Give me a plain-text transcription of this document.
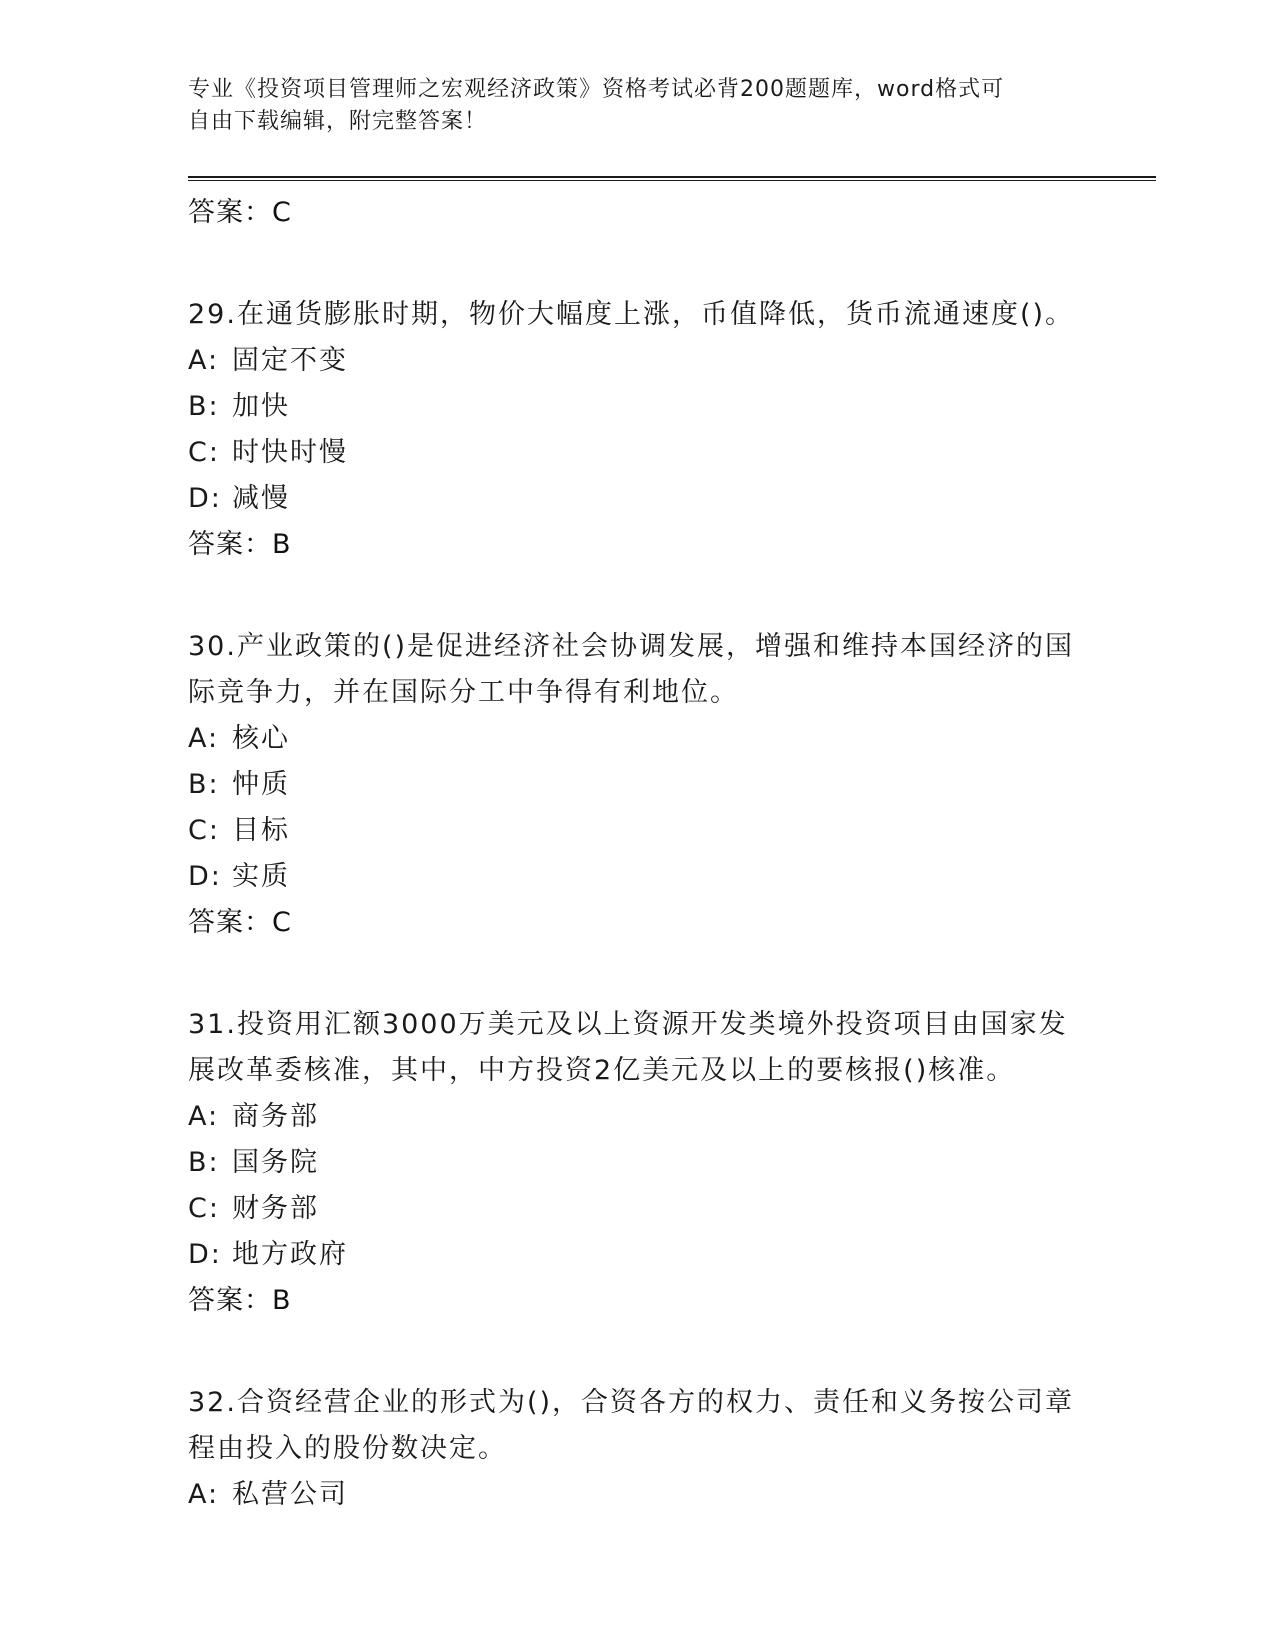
专业《投资项目管理师之宏观经济政策》资格考试必背200题题库，word格式可
自由下载编辑，附完整答案！
答案：C
29.在通货膨胀时期，物价大幅度上涨，币值降低，货币流通速度()。
A: 固定不变
B: 加快
C: 时快时慢
D: 减慢
答案：B
30.产业政策的()是促进经济社会协调发展，增强和维持本国经济的国际竞争力，并在国际分工中争得有利地位。
A: 核心
B: 忡质
C: 目标
D: 实质
答案：C
31.投资用汇额3000万美元及以上资源开发类境外投资项目由国家发展改革委核准，其中，中方投资2亿美元及以上的要核报()核准。
A: 商务部
B: 国务院
C: 财务部
D: 地方政府
答案：B
32.合资经营企业的形式为()，合资各方的权力、责任和义务按公司章程由投入的股份数决定。
A: 私营公司
